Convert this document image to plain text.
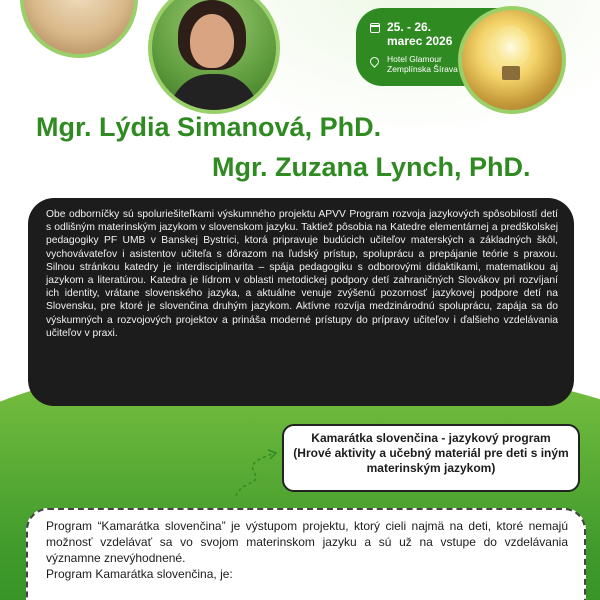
25. - 26.
marec 2026
Hotel Glamour
Zemplínska Šírava
Mgr. Lýdia Simanová, PhD.
Mgr. Zuzana Lynch, PhD.

Obe odborníčky sú spoluriešiteľkami výskumného projektu APVV Program rozvoja jazykových spôsobilostí detí s odlišným materinským jazykom v slovenskom jazyku. Taktiež pôsobia na Katedre elementárnej a predškolskej pedagogiky PF UMB v Banskej Bystrici, ktorá pripravuje budúcich učiteľov materských a základných škôl, vychovávateľov i asistentov učiteľa s dôrazom na ľudský prístup, spoluprácu a prepájanie teórie s praxou. Silnou stránkou katedry je interdisciplinarita – spája pedagogiku s odborovými didaktikami, matematikou aj jazykom a literatúrou. Katedra je lídrom v oblasti metodickej podpory detí zahraničných Slovákov pri rozvíjaní ich identity, vrátane slovenského jazyka, a aktuálne venuje zvýšenú pozornosť jazykovej podpore detí na Slovensku, pre ktoré je slovenčina druhým jazykom. Aktívne rozvíja medzinárodnú spoluprácu, zapája sa do výskumných a rozvojových projektov a prináša moderné prístupy do prípravy učiteľov i ďalšieho vzdelávania učiteľov v praxi.

Kamarátka slovenčina - jazykový program

(Hrové aktivity a učebný materiál pre deti s iným materinským jazykom)

Program “Kamarátka slovenčina” je výstupom projektu, ktorý cieli najmä na deti, ktoré nemajú možnosť vzdelávať sa vo svojom materinskom jazyku a sú už na vstupe do vzdelávania významne znevýhodnené.

Program Kamarátka slovenčina, je:
